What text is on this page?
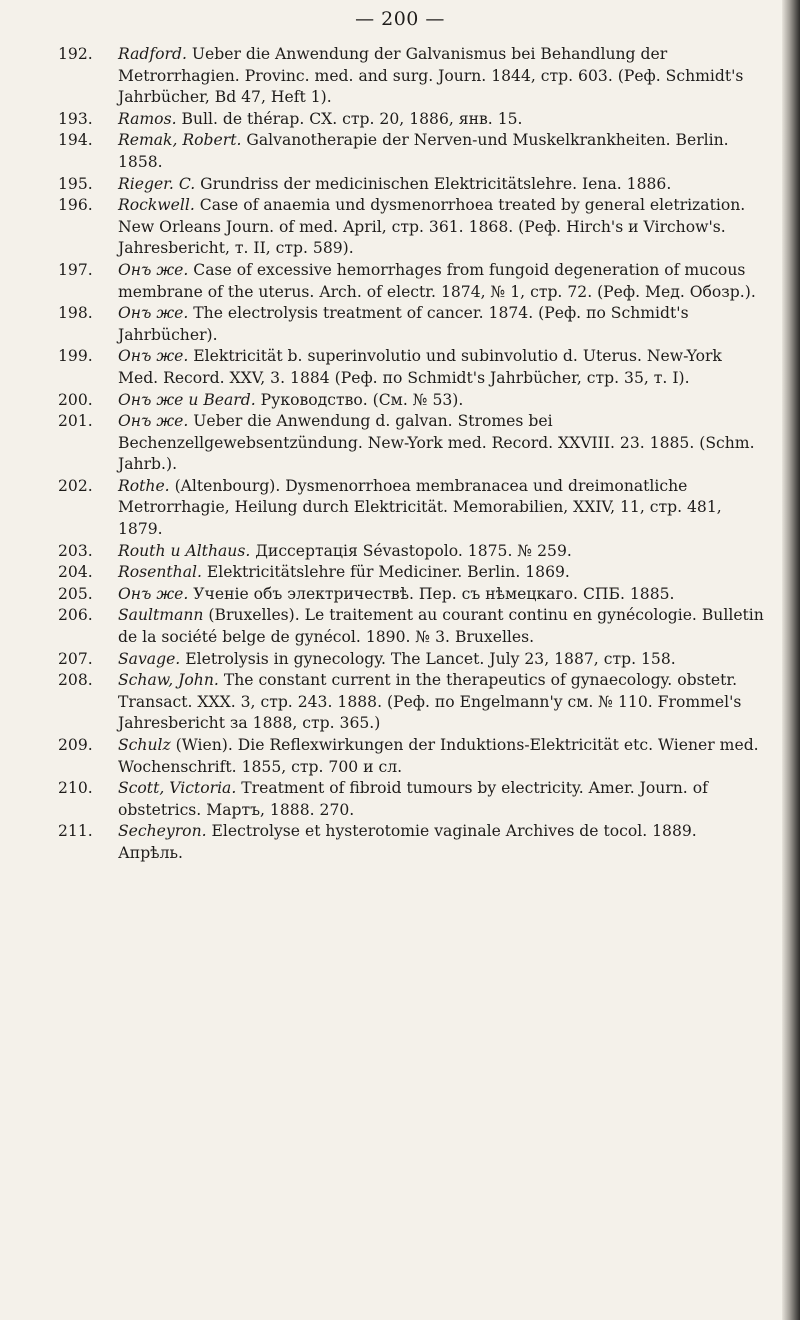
— 200 —
192.	Radford. Ueber die Anwendung der Galvanismus bei Behandlung der Metrorrhagien. Provinc. med. and surg. Journ. 1844, стр. 603. (Реф. Schmidt's Jahrbücher, Bd 47, Heft 1).
193.	Ramos. Bull. de thérap. CX. стр. 20, 1886, янв. 15.
194.	Remak, Robert. Galvanotherapie der Nerven-und Muskelkrankheiten. Berlin. 1858.
195.	Rieger. C. Grundriss der medicinischen Elektricitätslehre. Iena. 1886.
196.	Rockwell. Case of anaemia und dysmenorrhoea treated by general eletrization. New Orleans Journ. of med. April, стр. 361. 1868. (Реф. Hirch's и Virchow's. Jahresbericht, т. II, стр. 589).
197.	Онъ же. Case of excessive hemorrhages from fungoid degeneration of mucous membrane of the uterus. Arch. of electr. 1874, № 1, стр. 72. (Реф. Мед. Обозр.).
198.	Онъ же. The electrolysis treatment of cancer. 1874. (Реф. по Schmidt's Jahrbücher).
199.	Онъ же. Elektricität b. superinvolutio und subinvolutio d. Uterus. New-York Med. Record. XXV, 3. 1884 (Реф. по Schmidt's Jahrbücher, стр. 35, т. I).
200.	Онъ же и Beard. Руководство. (См. № 53).
201.	Онъ же. Ueber die Anwendung d. galvan. Stromes bei Bechenzellgewebsentzündung. New-York med. Record. XXVIII. 23. 1885. (Schm. Jahrb.).
202.	Rothe. (Altenbourg). Dysmenorrhoea membranacea und dreimonatliche Metrorrhagie, Heilung durch Elektricität. Memorabilien, XXIV, 11, стр. 481, 1879.
203.	Routh и Althaus. Диссертація Sévastopolo. 1875. № 259.
204.	Rosenthal. Elektricitätslehre für Mediciner. Berlin. 1869.
205.	Онъ же. Ученіе объ электричествѣ. Пер. съ нѣмецкаго. СПБ. 1885.
206.	Saultmann (Bruxelles). Le traitement au courant continu en gynécologie. Bulletin de la société belge de gynécol. 1890. № 3. Bruxelles.
207.	Savage. Eletrolysis in gynecology. The Lancet. July 23, 1887, стр. 158.
208.	Schaw, John. The constant current in the therapeutics of gynaecology. obstetr. Transact. XXX. 3, стр. 243. 1888. (Реф. по Engelmann'y см. № 110. Frommel's Jahresbericht за 1888, стр. 365.)
209.	Schulz (Wien). Die Reflexwirkungen der Induktions-Elektricität etc. Wiener med. Wochenschrift. 1855, стр. 700 и сл.
210.	Scott, Victoria. Treatment of fibroid tumours by electricity. Amer. Journ. of obstetrics. Мартъ, 1888. 270.
211.	Secheyron. Electrolyse et hysterotomie vaginale Archives de tocol. 1889. Апрѣль.
